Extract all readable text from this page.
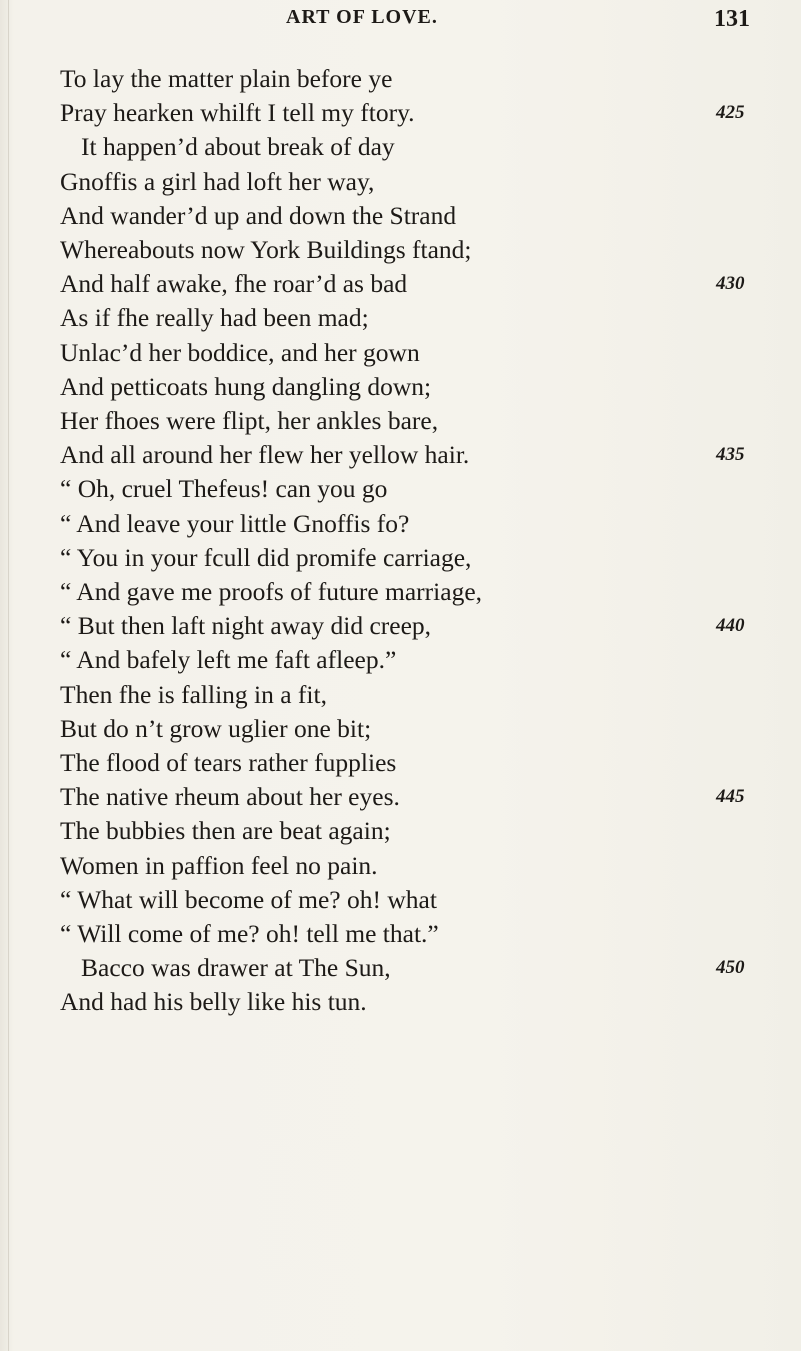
ART OF LOVE.	131
To lay the matter plain before ye
Pray hearken whilft I tell my ftory.	425
It happen’d about break of day
Gnoffis a girl had loft her way,
And wander’d up and down the Strand
Whereabouts now York Buildings ftand;
And half awake, fhe roar’d as bad	430
As if fhe really had been mad;
Unlac’d her boddice, and her gown
And petticoats hung dangling down;
Her fhoes were flipt, her ankles bare,
And all around her flew her yellow hair.	435
“ Oh, cruel Thefeus! can you go
“ And leave your little Gnoffis fo?
“ You in your fcull did promife carriage,
“ And gave me proofs of future marriage,
“ But then laft night away did creep,	440
“ And bafely left me faft afleep.”
Then fhe is falling in a fit,
But do n’t grow uglier one bit;
The flood of tears rather fupplies
The native rheum about her eyes.	445
The bubbies then are beat again;
Women in paffion feel no pain.
“ What will become of me? oh! what
“ Will come of me? oh! tell me that.”
Bacco was drawer at The Sun,	450
And had his belly like his tun.
